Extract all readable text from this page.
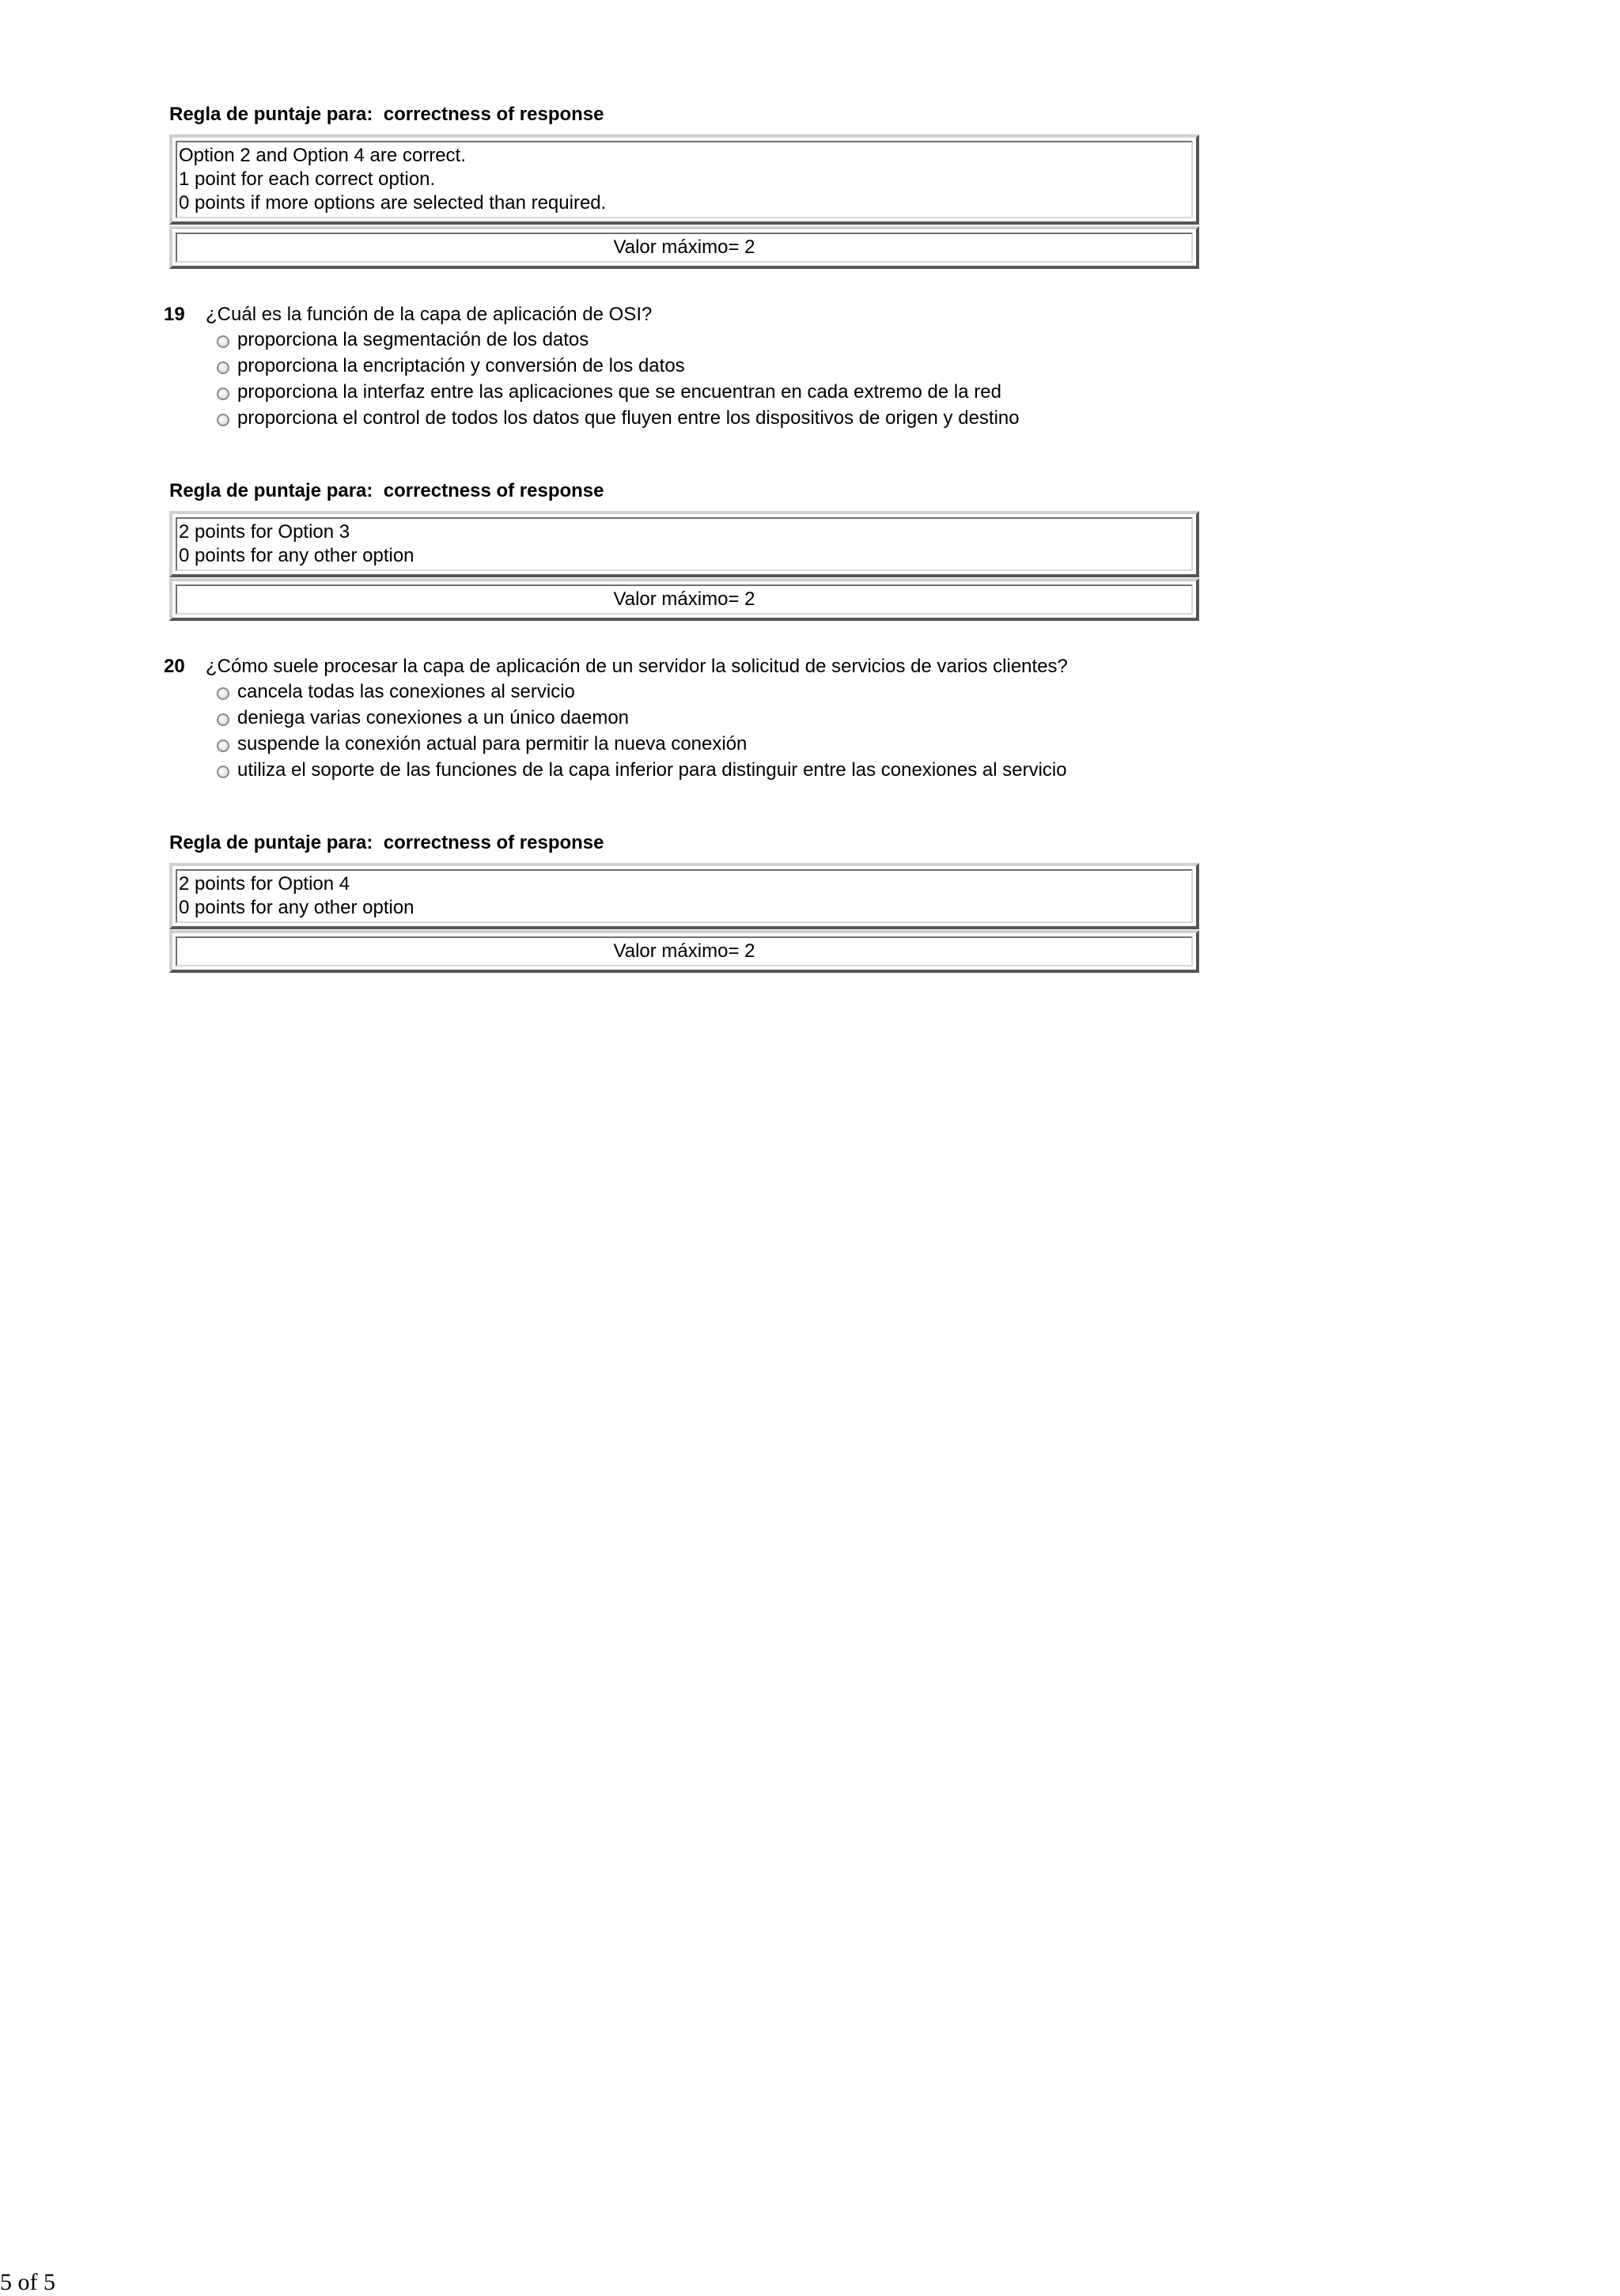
Regla de puntaje para:  correctness of response
Option 2 and Option 4 are correct.
1 point for each correct option.
0 points if more options are selected than required.
Valor máximo= 2
19 ¿Cuál es la función de la capa de aplicación de OSI?
proporciona la segmentación de los datos
proporciona la encriptación y conversión de los datos
proporciona la interfaz entre las aplicaciones que se encuentran en cada extremo de la red
proporciona el control de todos los datos que fluyen entre los dispositivos de origen y destino
Regla de puntaje para:  correctness of response
2 points for Option 3
0 points for any other option
Valor máximo= 2
20 ¿Cómo suele procesar la capa de aplicación de un servidor la solicitud de servicios de varios clientes?
cancela todas las conexiones al servicio
deniega varias conexiones a un único daemon
suspende la conexión actual para permitir la nueva conexión
utiliza el soporte de las funciones de la capa inferior para distinguir entre las conexiones al servicio
Regla de puntaje para:  correctness of response
2 points for Option 4
0 points for any other option
Valor máximo= 2
5 of 5
